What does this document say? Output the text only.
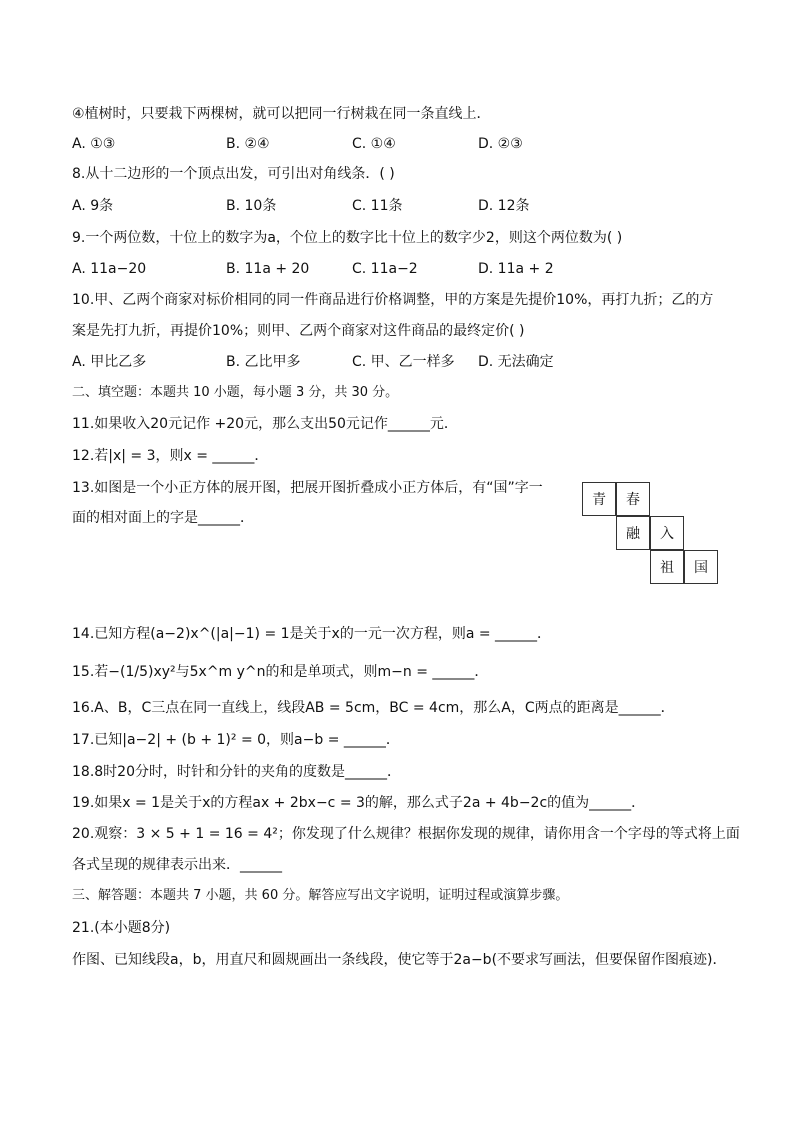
④植树时，只要栽下两棵树，就可以把同一行树栽在同一条直线上．
A. ①③	B. ②④	C. ①④	D. ②③
8.从十二边形的一个顶点出发，可引出对角线条．( )
A. 9条	B. 10条	C. 11条	D. 12条
9.一个两位数，十位上的数字为a，个位上的数字比十位上的数字少2，则这个两位数为( )
A. 11a−20	B. 11a + 20	C. 11a−2	D. 11a + 2
10.甲、乙两个商家对标价相同的同一件商品进行价格调整，甲的方案是先提价10%，再打九折；乙的方
案是先打九折，再提价10%；则甲、乙两个商家对这件商品的最终定价( )
A. 甲比乙多	B. 乙比甲多	C. 甲、乙一样多 D. 无法确定
二、填空题：本题共 10 小题，每小题 3 分，共 30 分。
11.如果收入20元记作 +20元，那么支出50元记作______元．
12.若|x| = 3，则x = ______．
13.如图是一个小正方体的展开图，把展开图折叠成小正方体后，有“国”字一
面的相对面上的字是______．
青	春
融	入
祖	国
14.已知方程(a−2)x^(|a|−1) = 1是关于x的一元一次方程，则a = ______．
15.若−(1/5)xy²与5x^m y^n的和是单项式，则m−n = ______．
16.A、B，C三点在同一直线上，线段AB = 5cm，BC = 4cm，那么A，C两点的距离是______．
17.已知|a−2| + (b + 1)² = 0，则a−b = ______．
18.8时20分时，时针和分针的夹角的度数是______．
19.如果x = 1是关于x的方程ax + 2bx−c = 3的解，那么式子2a + 4b−2c的值为______．
20.观察：3 × 5 + 1 = 16 = 4²；你发现了什么规律？根据你发现的规律，请你用含一个字母的等式将上面
各式呈现的规律表示出来．______
三、解答题：本题共 7 小题，共 60 分。解答应写出文字说明，证明过程或演算步骤。
21.(本小题8分)
作图、已知线段a，b，用直尺和圆规画出一条线段，使它等于2a−b(不要求写画法，但要保留作图痕迹)．
